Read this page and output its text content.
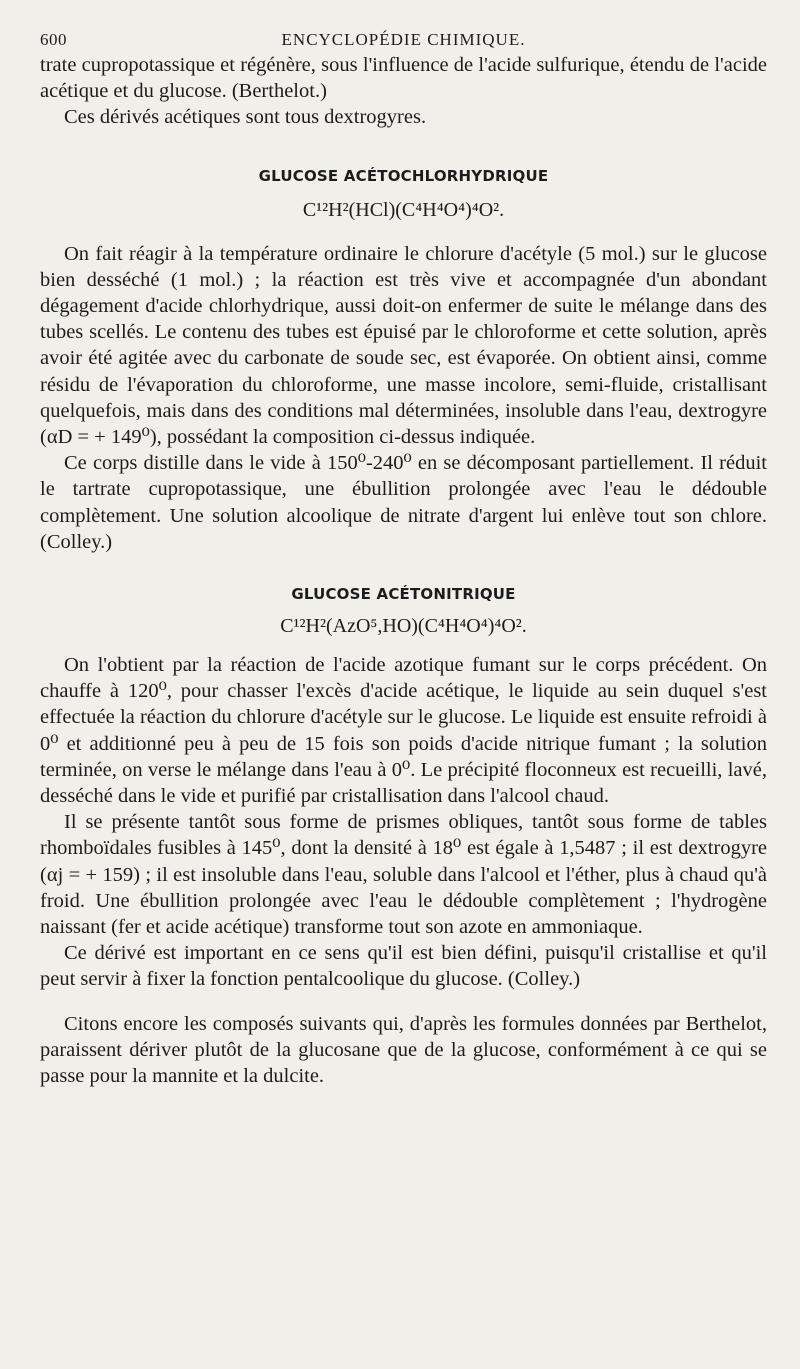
600	ENCYCLOPÉDIE CHIMIQUE.

trate cupropotassique et régénère, sous l'influence de l'acide sulfurique, étendu de l'acide acétique et du glucose. (Berthelot.)

Ces dérivés acétiques sont tous dextrogyres.

GLUCOSE ACÉTOCHLORHYDRIQUE

C¹²H²(HCl)(C⁴H⁴O⁴)⁴O².

On fait réagir à la température ordinaire le chlorure d'acétyle (5 mol.) sur le glucose bien desséché (1 mol.) ; la réaction est très vive et accompagnée d'un abondant dégagement d'acide chlorhydrique, aussi doit-on enfermer de suite le mélange dans des tubes scellés. Le contenu des tubes est épuisé par le chloroforme et cette solution, après avoir été agitée avec du carbonate de soude sec, est évaporée. On obtient ainsi, comme résidu de l'évaporation du chloroforme, une masse incolore, semi-fluide, cristallisant quelquefois, mais dans des conditions mal déterminées, insoluble dans l'eau, dextrogyre (αD = + 149⁰), possédant la composition ci-dessus indiquée.

Ce corps distille dans le vide à 150⁰-240⁰ en se décomposant partiellement. Il réduit le tartrate cupropotassique, une ébullition prolongée avec l'eau le dédouble complètement. Une solution alcoolique de nitrate d'argent lui enlève tout son chlore. (Colley.)

GLUCOSE ACÉTONITRIQUE

C¹²H²(AzO⁵,HO)(C⁴H⁴O⁴)⁴O².

On l'obtient par la réaction de l'acide azotique fumant sur le corps précédent. On chauffe à 120⁰, pour chasser l'excès d'acide acétique, le liquide au sein duquel s'est effectuée la réaction du chlorure d'acétyle sur le glucose. Le liquide est ensuite refroidi à 0⁰ et additionné peu à peu de 15 fois son poids d'acide nitrique fumant ; la solution terminée, on verse le mélange dans l'eau à 0⁰. Le précipité floconneux est recueilli, lavé, desséché dans le vide et purifié par cristallisation dans l'alcool chaud.

Il se présente tantôt sous forme de prismes obliques, tantôt sous forme de tables rhomboïdales fusibles à 145⁰, dont la densité à 18⁰ est égale à 1,5487 ; il est dextrogyre (αj = + 159) ; il est insoluble dans l'eau, soluble dans l'alcool et l'éther, plus à chaud qu'à froid. Une ébullition prolongée avec l'eau le dédouble complètement ; l'hydrogène naissant (fer et acide acétique) transforme tout son azote en ammoniaque.

Ce dérivé est important en ce sens qu'il est bien défini, puisqu'il cristallise et qu'il peut servir à fixer la fonction pentalcoolique du glucose. (Colley.)

Citons encore les composés suivants qui, d'après les formules données par Berthelot, paraissent dériver plutôt de la glucosane que de la glucose, conformément à ce qui se passe pour la mannite et la dulcite.
